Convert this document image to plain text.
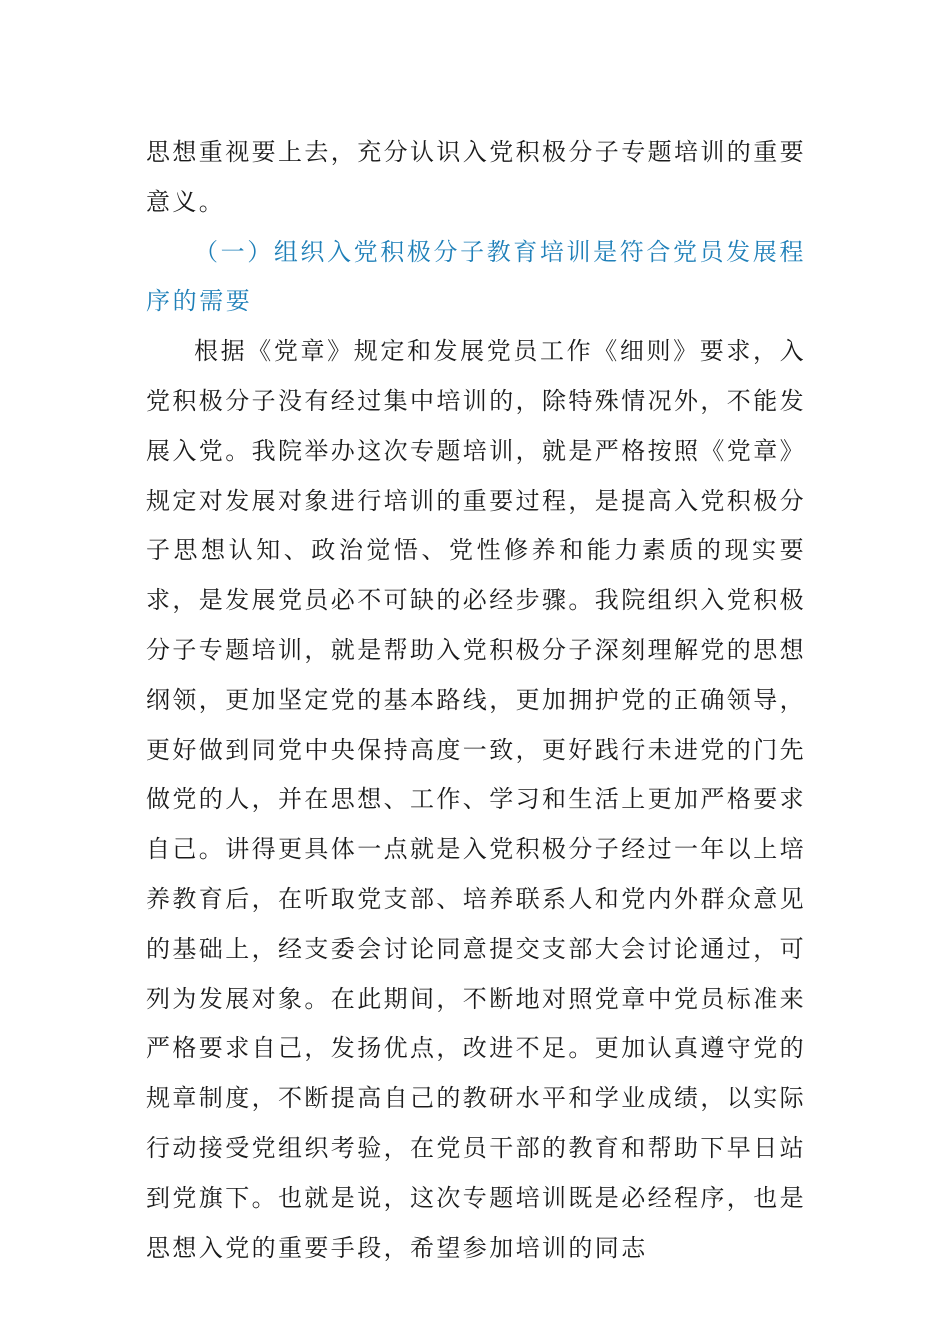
思想重视要上去，充分认识入党积极分子专题培训的重要意义。

（一）组织入党积极分子教育培训是符合党员发展程序的需要

根据《党章》规定和发展党员工作《细则》要求，入党积极分子没有经过集中培训的，除特殊情况外，不能发展入党。我院举办这次专题培训，就是严格按照《党章》规定对发展对象进行培训的重要过程，是提高入党积极分子思想认知、政治觉悟、党性修养和能力素质的现实要求，是发展党员必不可缺的必经步骤。我院组织入党积极分子专题培训，就是帮助入党积极分子深刻理解党的思想纲领，更加坚定党的基本路线，更加拥护党的正确领导，更好做到同党中央保持高度一致，更好践行未进党的门先做党的人，并在思想、工作、学习和生活上更加严格要求自己。讲得更具体一点就是入党积极分子经过一年以上培养教育后，在听取党支部、培养联系人和党内外群众意见的基础上，经支委会讨论同意提交支部大会讨论通过，可列为发展对象。在此期间，不断地对照党章中党员标准来严格要求自己，发扬优点，改进不足。更加认真遵守党的规章制度，不断提高自己的教研水平和学业成绩，以实际行动接受党组织考验，在党员干部的教育和帮助下早日站到党旗下。也就是说，这次专题培训既是必经程序，也是思想入党的重要手段，希望参加培训的同志
